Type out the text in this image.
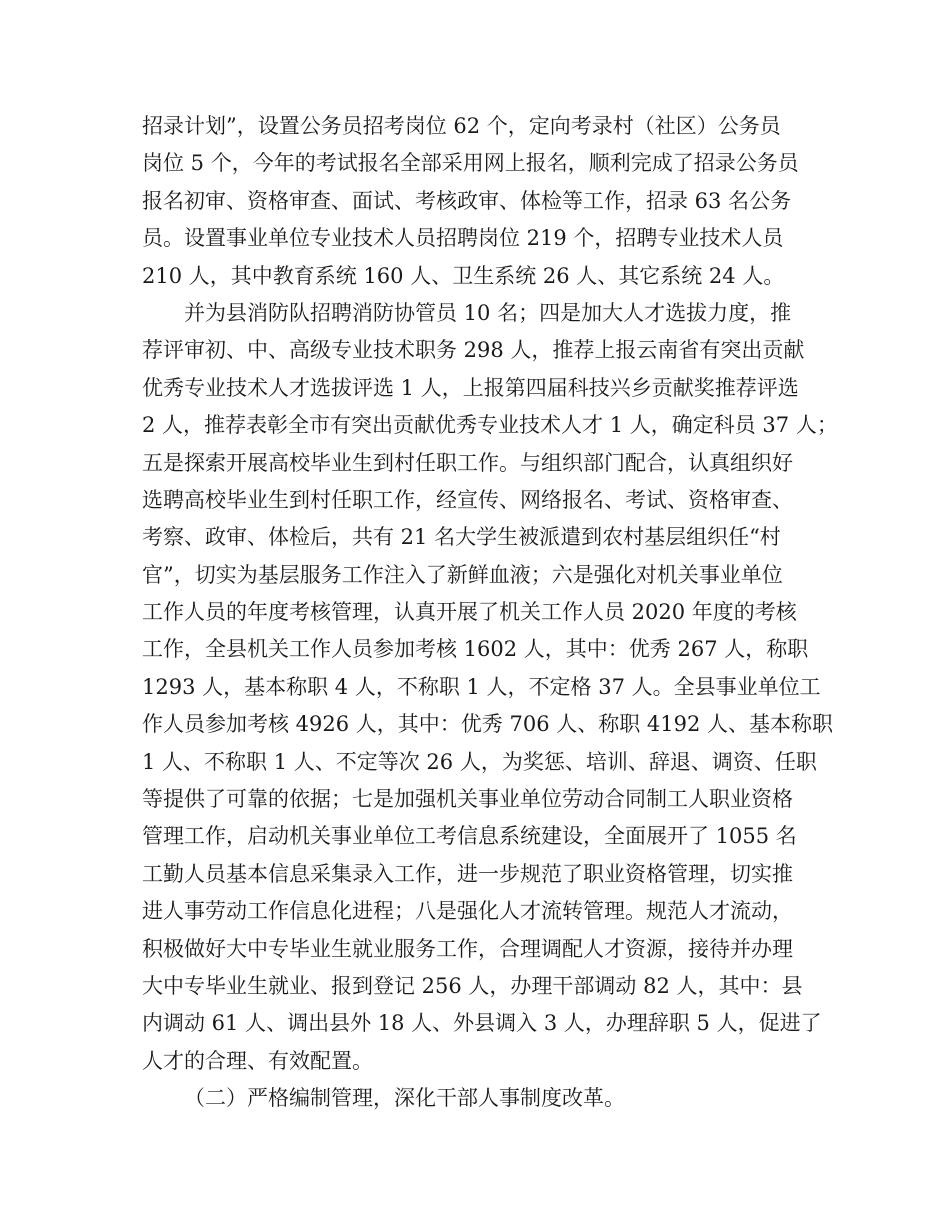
招录计划”，设置公务员招考岗位 62 个，定向考录村（社区）公务员
岗位 5 个，今年的考试报名全部采用网上报名，顺利完成了招录公务员
报名初审、资格审查、面试、考核政审、体检等工作，招录 63 名公务
员。设置事业单位专业技术人员招聘岗位 219 个，招聘专业技术人员
210 人，其中教育系统 160 人、卫生系统 26 人、其它系统 24 人。
并为县消防队招聘消防协管员 10 名；四是加大人才选拔力度，推
荐评审初、中、高级专业技术职务 298 人，推荐上报云南省有突出贡献
优秀专业技术人才选拔评选 1 人，上报第四届科技兴乡贡献奖推荐评选
2 人，推荐表彰全市有突出贡献优秀专业技术人才 1 人，确定科员 37 人；
五是探索开展高校毕业生到村任职工作。与组织部门配合，认真组织好
选聘高校毕业生到村任职工作，经宣传、网络报名、考试、资格审查、
考察、政审、体检后，共有 21 名大学生被派遣到农村基层组织任“村
官”，切实为基层服务工作注入了新鲜血液；六是强化对机关事业单位
工作人员的年度考核管理，认真开展了机关工作人员 2020 年度的考核
工作，全县机关工作人员参加考核 1602 人，其中：优秀 267 人，称职
1293 人，基本称职 4 人，不称职 1 人，不定格 37 人。全县事业单位工
作人员参加考核 4926 人，其中：优秀 706 人、称职 4192 人、基本称职
1 人、不称职 1 人、不定等次 26 人，为奖惩、培训、辞退、调资、任职
等提供了可靠的依据；七是加强机关事业单位劳动合同制工人职业资格
管理工作，启动机关事业单位工考信息系统建设，全面展开了 1055 名
工勤人员基本信息采集录入工作，进一步规范了职业资格管理，切实推
进人事劳动工作信息化进程；八是强化人才流转管理。规范人才流动，
积极做好大中专毕业生就业服务工作，合理调配人才资源，接待并办理
大中专毕业生就业、报到登记 256 人，办理干部调动 82 人，其中：县
内调动 61 人、调出县外 18 人、外县调入 3 人，办理辞职 5 人，促进了
人才的合理、有效配置。
（二）严格编制管理，深化干部人事制度改革。
